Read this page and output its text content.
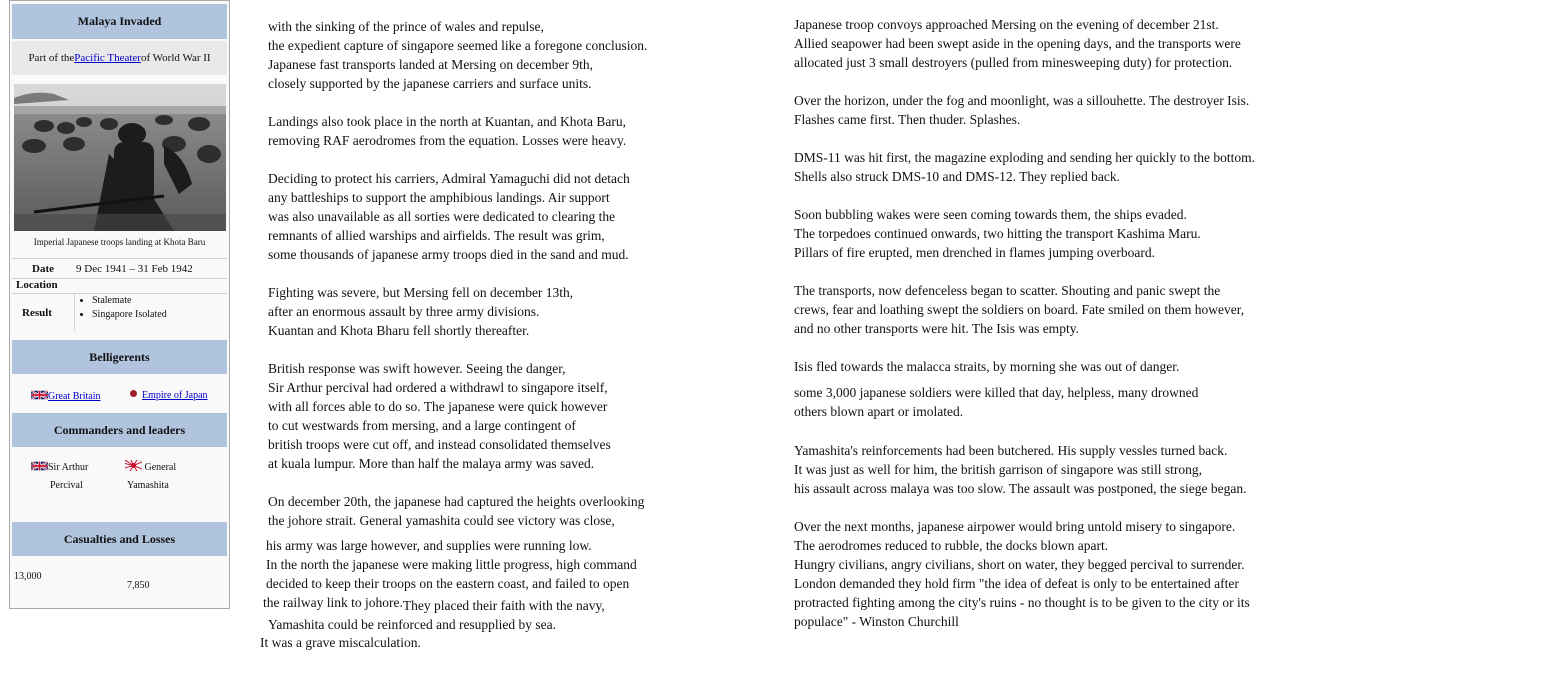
Malaya Invaded
Part of the Pacific Theater of World War II
Imperial Japanese troops landing at Khota Baru
Date 9 Dec 1941 – 31 Feb 1942
Location
Result
• Stalemate
• Singapore Isolated
Belligerents
Great Britain	Empire of Japan
Commanders and leaders
Sir Arthur
Percival
General
Yamashita
Casualties and Losses
13,000
7,850
with the sinking of the prince of wales and repulse,
the expedient capture of singapore seemed like a foregone conclusion.
Japanese fast transports landed at Mersing on december 9th,
closely supported by the japanese carriers and surface units.
Landings also took place in the north at Kuantan, and Khota Baru,
removing RAF aerodromes from the equation. Losses were heavy.
Deciding to protect his carriers, Admiral Yamaguchi did not detach
any battleships to support the amphibious landings. Air support
was also unavailable as all sorties were dedicated to clearing the
remnants of allied warships and airfields. The result was grim,
some thousands of japanese army troops died in the sand and mud.
Fighting was severe, but Mersing fell on december 13th,
after an enormous assault by three army divisions.
Kuantan and Khota Bharu fell shortly thereafter.
British response was swift however. Seeing the danger,
Sir Arthur percival had ordered a withdrawl to singapore itself,
with all forces able to do so. The japanese were quick however
to cut westwards from mersing, and a large contingent of
british troops were cut off, and instead consolidated themselves
at kuala lumpur. More than half the malaya army was saved.
On december 20th, the japanese had captured the heights overlooking
the johore strait. General yamashita could see victory was close,
his army was large however, and supplies were running low.
In the north the japanese were making little progress, high command
decided to keep their troops on the eastern coast, and failed to open
the railway link to johore.They placed their faith with the navy,
Yamashita could be reinforced and resupplied by sea.
It was a grave miscalculation.
Japanese troop convoys approached Mersing on the evening of december 21st.
Allied seapower had been swept aside in the opening days, and the transports were
allocated just 3 small destroyers (pulled from minesweeping duty) for protection.
Over the horizon, under the fog and moonlight, was a sillouhette. The destroyer Isis.
Flashes came first. Then thuder. Splashes.
DMS-11 was hit first, the magazine exploding and sending her quickly to the bottom.
Shells also struck DMS-10 and DMS-12. They replied back.
Soon bubbling wakes were seen coming towards them, the ships evaded.
The torpedoes continued onwards, two hitting the transport Kashima Maru.
Pillars of fire erupted, men drenched in flames jumping overboard.
The transports, now defenceless began to scatter. Shouting and panic swept the
crews, fear and loathing swept the soldiers on board. Fate smiled on them however,
and no other transports were hit. The Isis was empty.
Isis fled towards the malacca straits, by morning she was out of danger.
some 3,000 japanese soldiers were killed that day, helpless, many drowned
others blown apart or imolated.
Yamashita's reinforcements had been butchered. His supply vessles turned back.
It was just as well for him, the british garrison of singapore was still strong,
his assault across malaya was too slow. The assault was postponed, the siege began.
Over the next months, japanese airpower would bring untold misery to singapore.
The aerodromes reduced to rubble, the docks blown apart.
Hungry civilians, angry civilians, short on water, they begged percival to surrender.
London demanded they hold firm "the idea of defeat is only to be entertained after
protracted fighting among the city's ruins - no thought is to be given to the city or its
populace" - Winston Churchill
